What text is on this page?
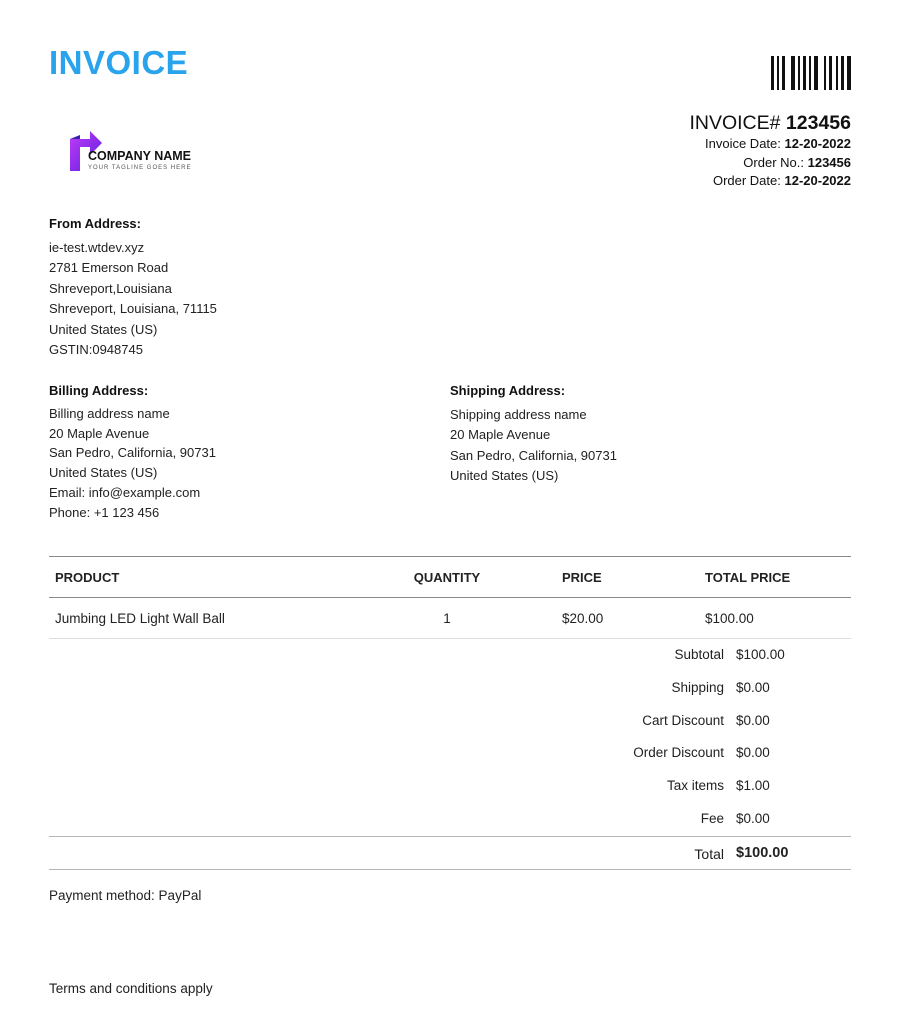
INVOICE
COMPANY NAME
YOUR TAGLINE GOES HERE
INVOICE# 123456
Invoice Date: 12-20-2022
Order No.: 123456
Order Date: 12-20-2022
From Address:
ie-test.wtdev.xyz
2781 Emerson Road
Shreveport,Louisiana
Shreveport, Louisiana, 71115
United States (US)
GSTIN:0948745
Billing Address:
Billing address name
20 Maple Avenue
San Pedro, California, 90731
United States (US)
Email: info@example.com
Phone: +1 123 456
Shipping Address:
Shipping address name
20 Maple Avenue
San Pedro, California, 90731
United States (US)
PRODUCT	QUANTITY	PRICE	TOTAL PRICE
Jumbing LED Light Wall Ball	1	$20.00	$100.00
Subtotal $100.00
Shipping $0.00
Cart Discount $0.00
Order Discount $0.00
Tax items $1.00
Fee $0.00
Total $100.00
Payment method: PayPal
Terms and conditions apply
